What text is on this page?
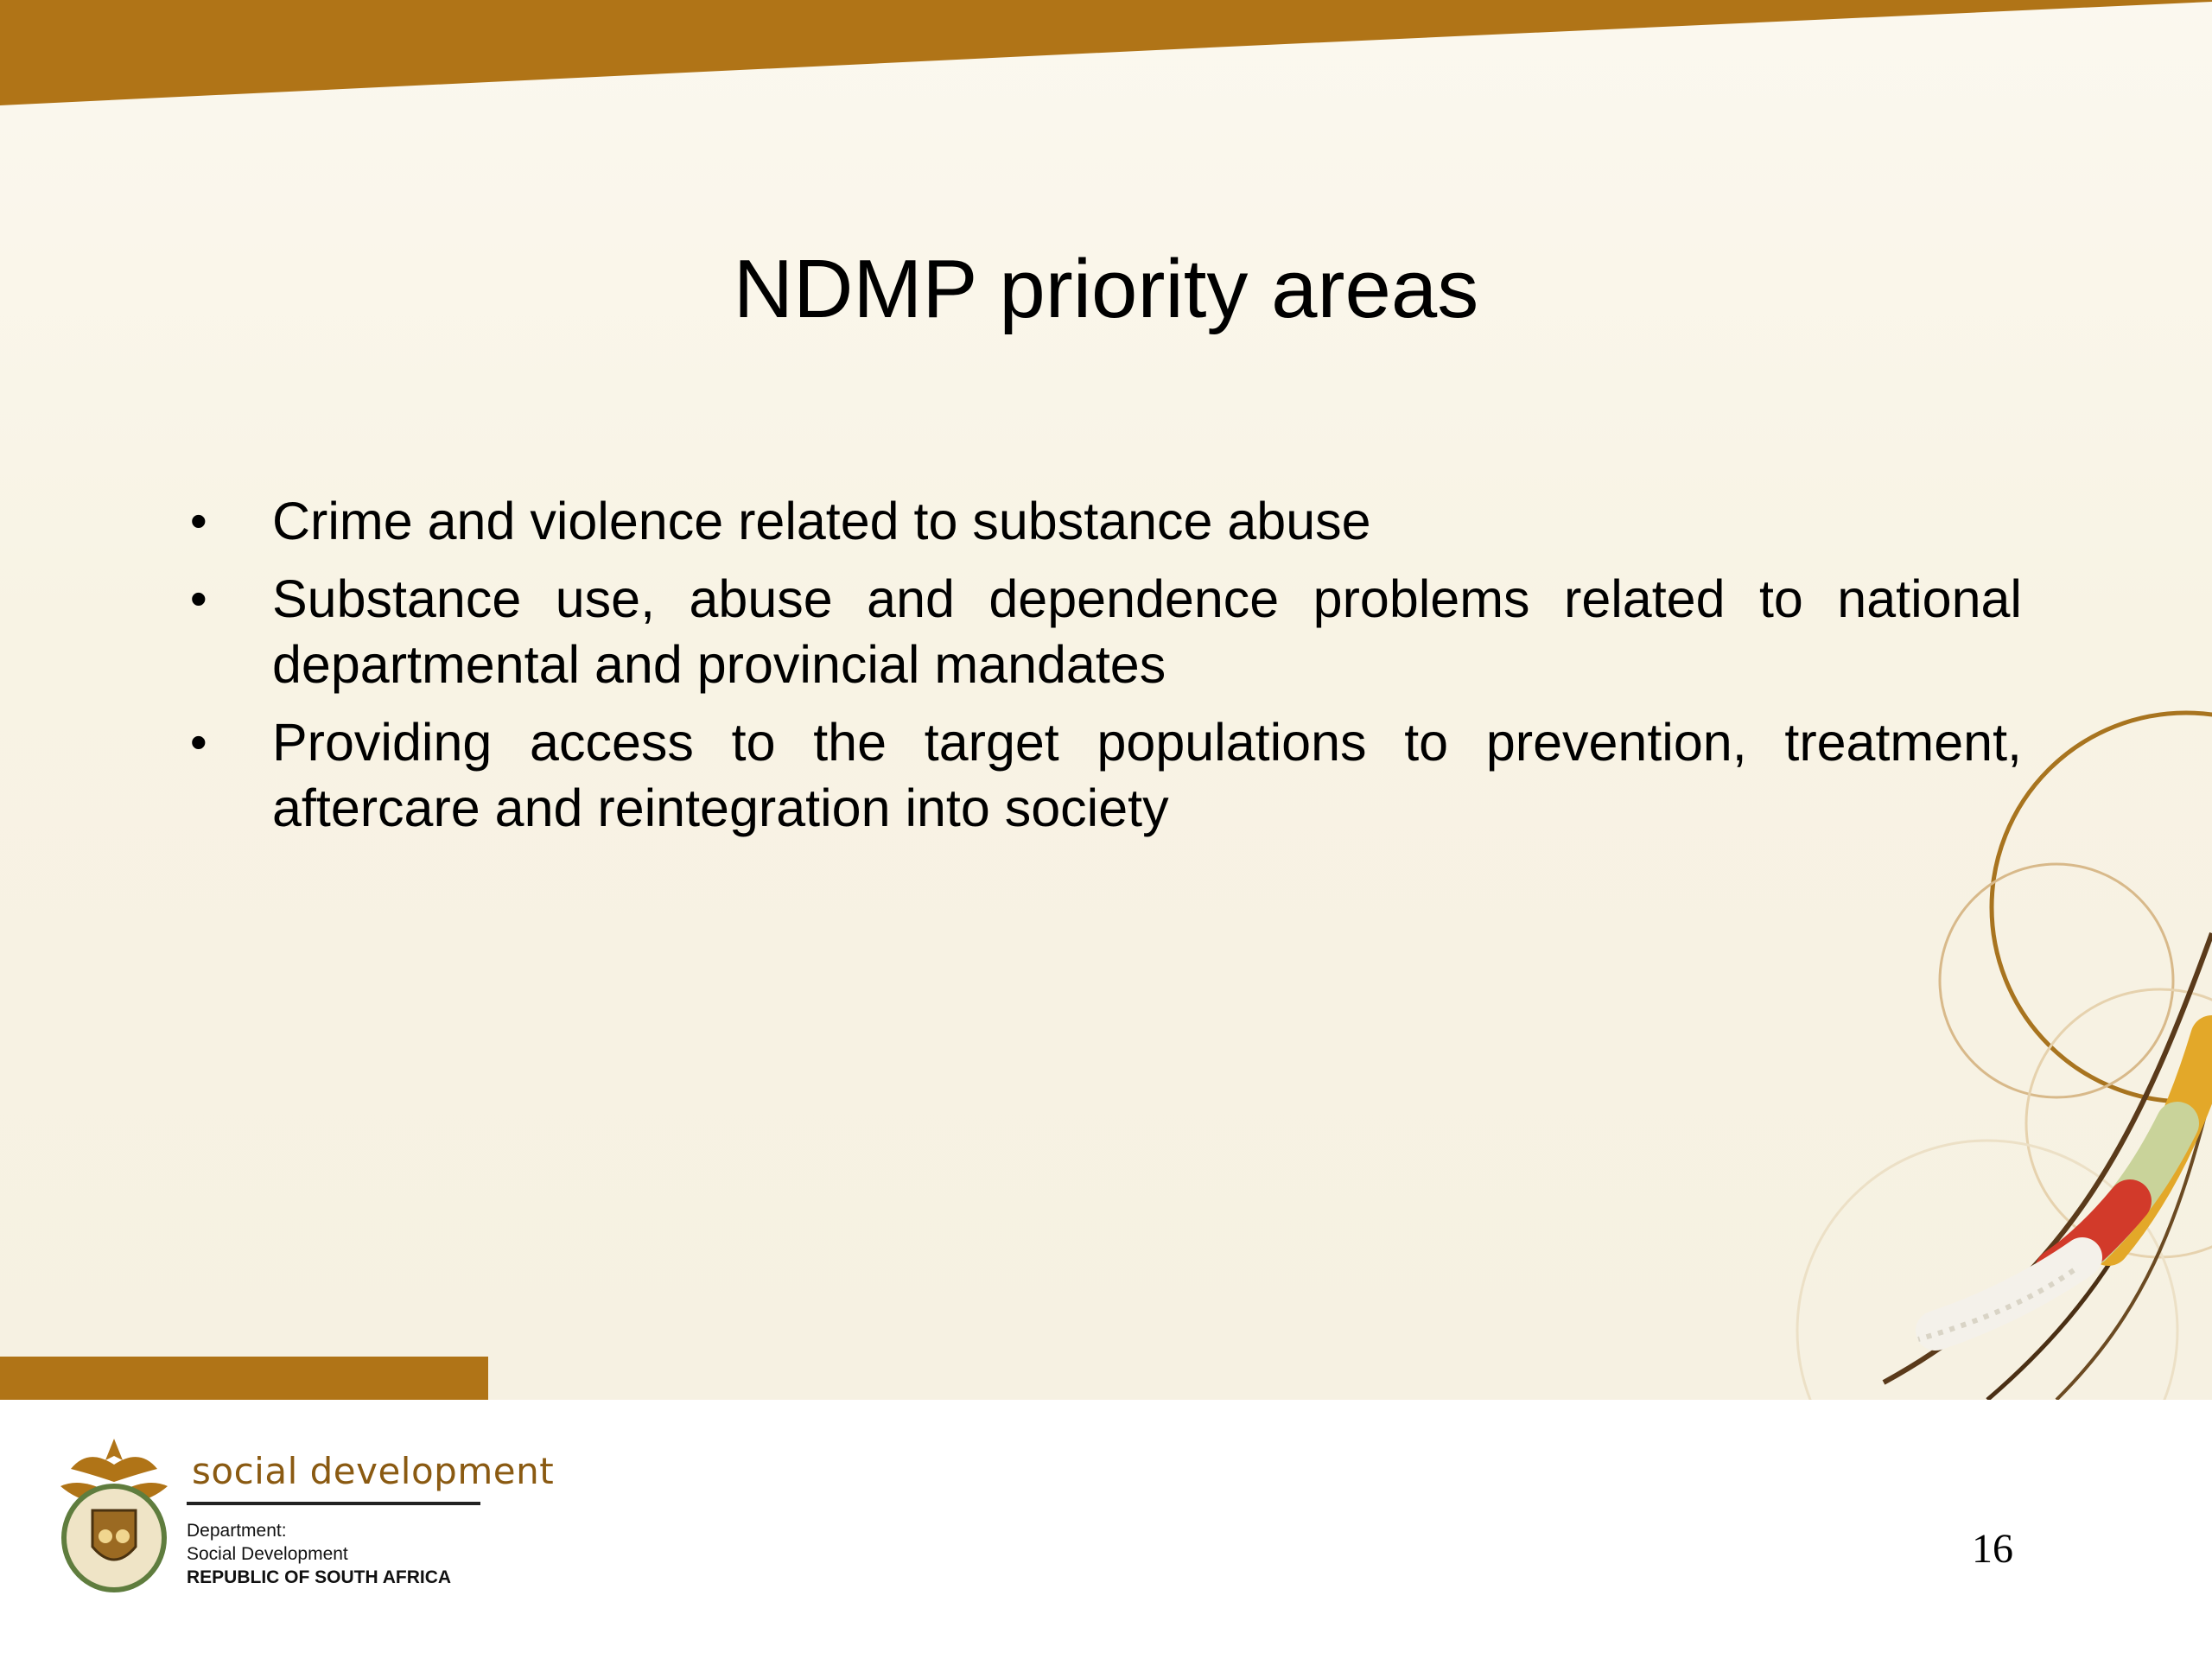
NDMP priority areas
• Crime and violence related to substance abuse
• Substance use, abuse and dependence problems related to national departmental and provincial mandates
• Providing access to the target populations to prevention, treatment, aftercare and reintegration into society
social development
Department:
Social Development
REPUBLIC OF SOUTH AFRICA
16
